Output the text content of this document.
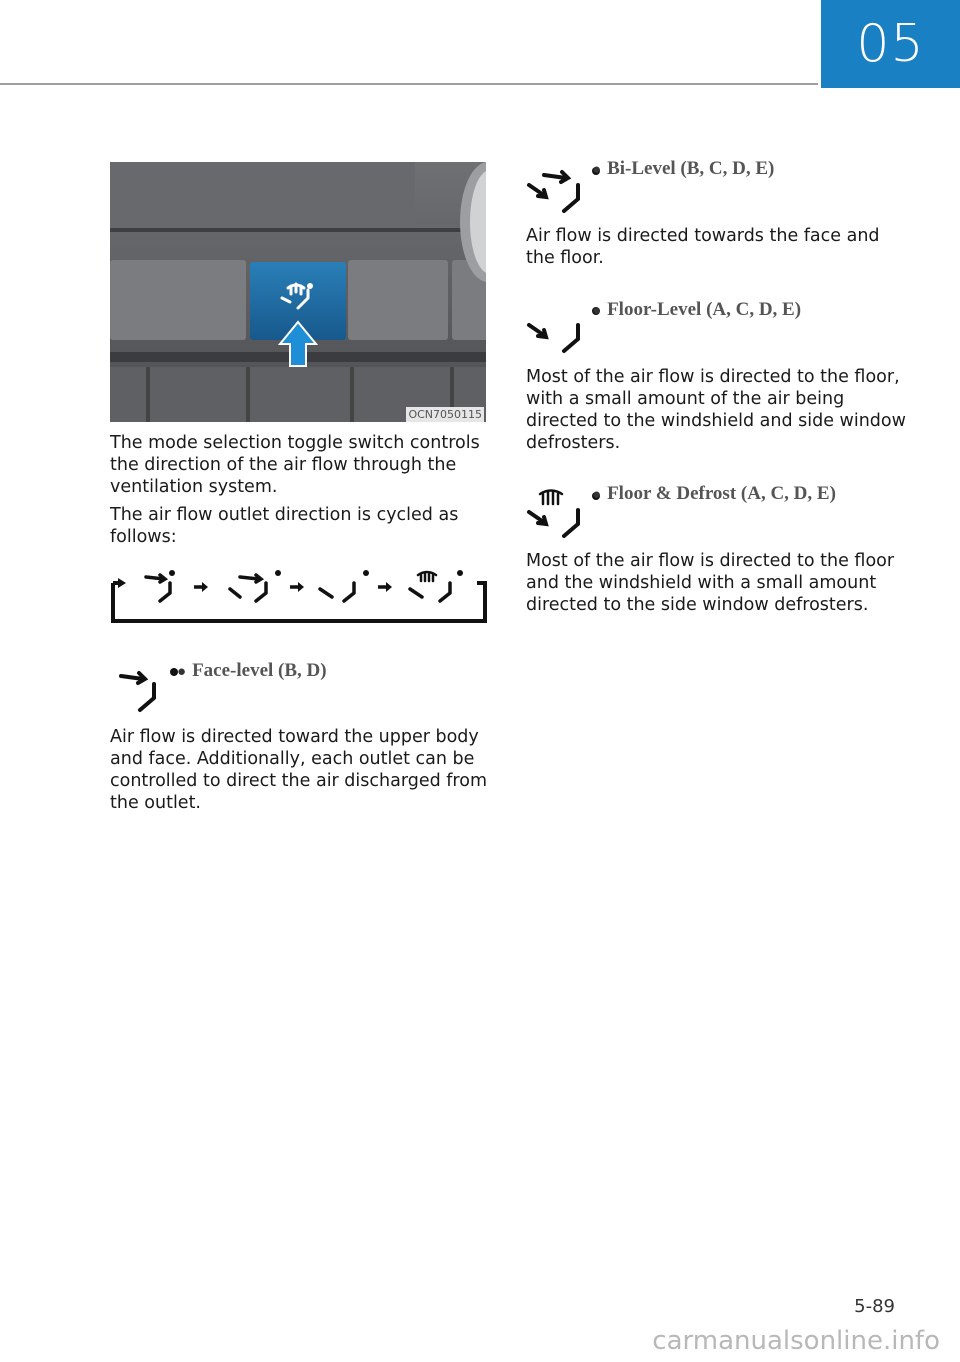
05
OCN7050115

The mode selection toggle switch controls the direction of the air flow through the ventilation system.

The air flow outlet direction is cycled as follows:

● Face-level (B, D)

Air flow is directed toward the upper body and face. Additionally, each outlet can be controlled to direct the air discharged from the outlet.

● Bi-Level (B, C, D, E)

Air flow is directed towards the face and the floor.

● Floor-Level (A, C, D, E)

Most of the air flow is directed to the floor, with a small amount of the air being directed to the windshield and side window defrosters.

● Floor & Defrost (A, C, D, E)

Most of the air flow is directed to the floor and the windshield with a small amount directed to the side window defrosters.

5-89
carmanualsonline.info
